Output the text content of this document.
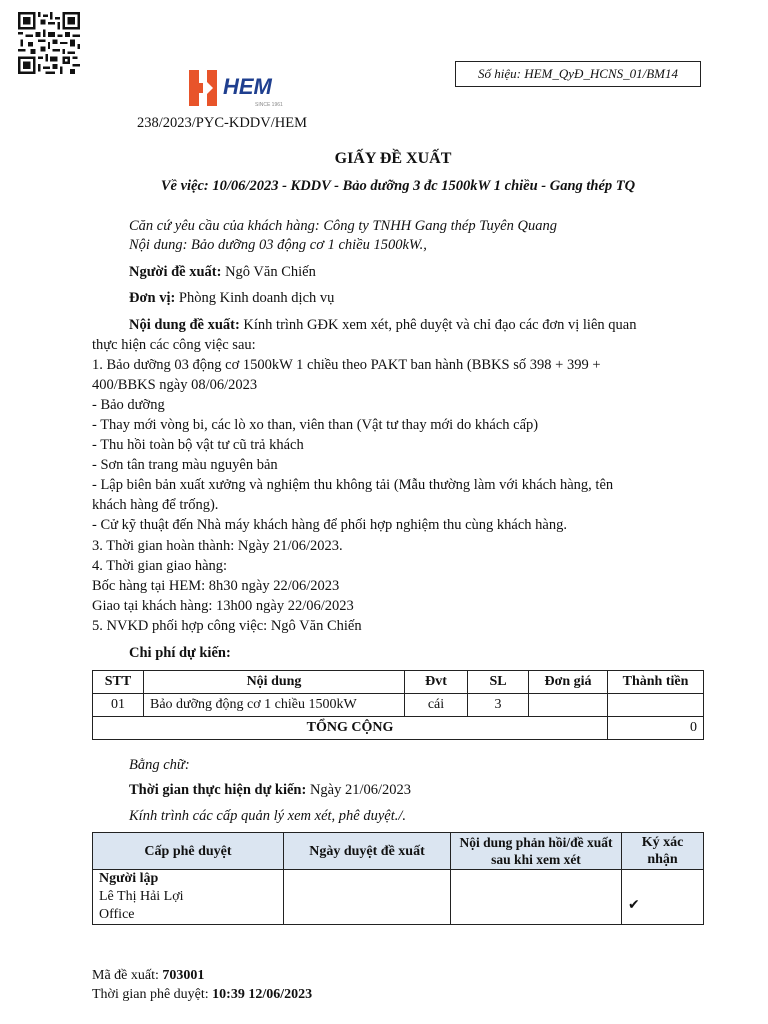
HEM
SINCE 1961
Số hiệu: HEM_QyĐ_HCNS_01/BM14
238/2023/PYC-KDDV/HEM
GIẤY ĐỀ XUẤT
Về việc: 10/06/2023 - KDDV - Bảo dưỡng 3 đc 1500kW 1 chiều - Gang thép TQ
Căn cứ yêu cầu của khách hàng: Công ty TNHH Gang thép Tuyên Quang
Nội dung: Bảo dưỡng 03 động cơ 1 chiều 1500kW.,
Người đề xuất: Ngô Văn Chiến
Đơn vị: Phòng Kinh doanh dịch vụ
Nội dung đề xuất: Kính trình GĐK xem xét, phê duyệt và chỉ đạo các đơn vị liên quan
thực hiện các công việc sau:
1. Bảo dưỡng 03 động cơ 1500kW 1 chiều theo PAKT ban hành (BBKS số 398 + 399 +
400/BBKS ngày 08/06/2023
- Bảo dưỡng
- Thay mới vòng bi, các lò xo than, viên than (Vật tư thay mới do khách cấp)
- Thu hồi toàn bộ vật tư cũ trả khách
- Sơn tân trang màu nguyên bản
- Lập biên bản xuất xưởng và nghiệm thu không tải (Mẫu thường làm với khách hàng, tên
khách hàng để trống).
- Cử kỹ thuật đến Nhà máy khách hàng để phối hợp nghiệm thu cùng khách hàng.
3. Thời gian hoàn thành: Ngày 21/06/2023.
4. Thời gian giao hàng:
Bốc hàng tại HEM: 8h30 ngày 22/06/2023
Giao tại khách hàng: 13h00 ngày 22/06/2023
5. NVKD phối hợp công việc: Ngô Văn Chiến
Chi phí dự kiến:
STT	Nội dung	Đvt	SL	Đơn giá	Thành tiền
01	Bảo dưỡng động cơ 1 chiều 1500kW	cái	3		
TỔNG CỘNG					0
Bằng chữ:
Thời gian thực hiện dự kiến: Ngày 21/06/2023
Kính trình các cấp quản lý xem xét, phê duyệt./.
Cấp phê duyệt	Ngày duyệt đề xuất	Nội dung phản hồi/đề xuất sau khi xem xét	Ký xác nhận

Người lập
Lê Thị Hải Lợi
Office			✔
Mã đề xuất: 703001
Thời gian phê duyệt: 10:39 12/06/2023
